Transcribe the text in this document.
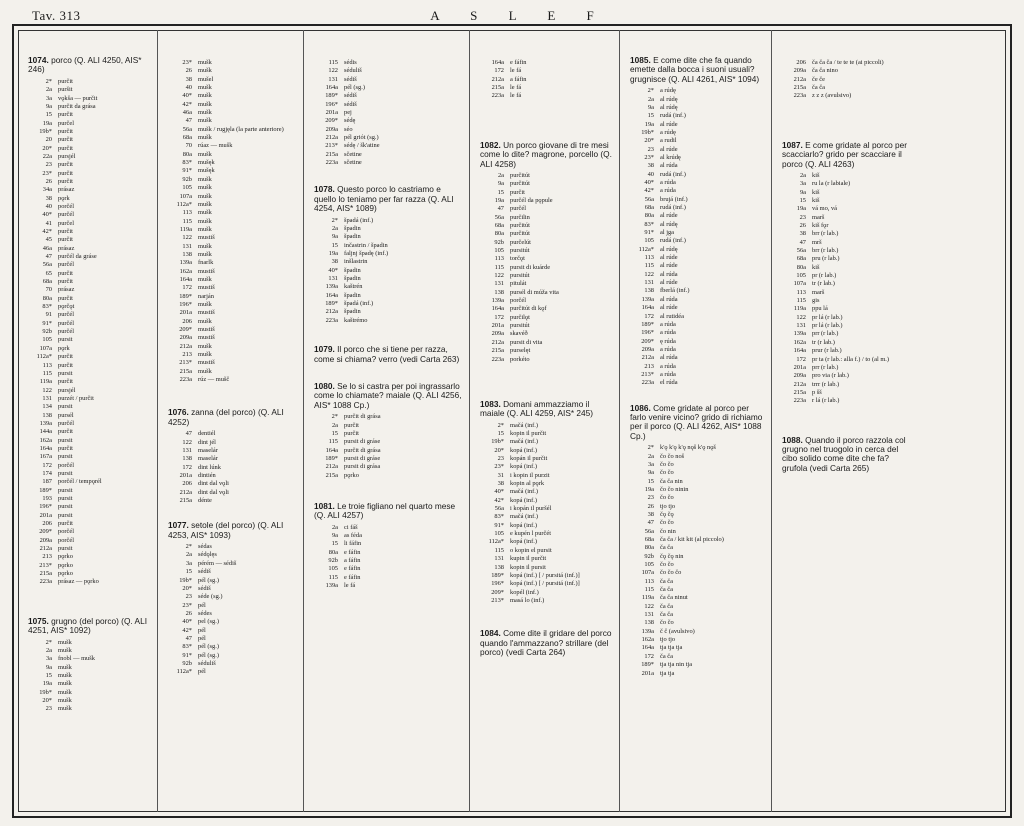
Tav. 313	A S L E F
1074. porco (Q. ALI 4250, AIS* 246)
2* purčit
2a puršit
3a vǫkša — purčit
9a purčit da grása
15 purčit
19a purčel
19b* purčit
20 purčit
20* purčit
22a pursjél
23 purčit
23* purčit
26 purčit
34a prásaz
38 pǫrk
40 porčél
40* purčél
41 purčel
42* purčit
45 purčit
46a prásaz
47 purčél da gráse
56a purčél
65 purčit
68a purčit
70 prásaz
80a purčit
83* pǫrčǫt
91 purčél
91* purčél
92b purčél
105 pursit
107a pǫrk
112a* purčit
113 purčit
115 pursit
119a purčit
122 pursjél
131 purzét / purčit
134 pursit
138 pursél
139a purčél
144a purčit
162a pursit
164a purčit
167a pursit
172 porčél
174 pursit
187 porčél / tempǫrél
189* pursit
193 pursit
196* pursit
201a pursit
206 purčit
209* porčél
209a porčél
212a pursit
213 pǫrko
213* pǫrko
215a pǫrko
223a prásaz — pǫrko
1075. grugno (del porco) (Q. ALI 4251, AIS* 1092)
2* mušk
2a mušk
3a fnobl — mušk
9a mušk
15 mušk
19a mušk
19b* mušk
20* mušk
23 mušk
23* mušk
26 mušk
38 mušel
40 mušk
40* mušk
42* mušk
46a mušk
47 mušk
56a mušk / rugjęla (la parte anteriore)
68a mušk
70 rúaz — mušk
80a mušk
83* mušęk
91* mušęk
92b mušk
105 mušk
107a mušk
112a* mušk
113 mušk
115 mušk
119a mušk
122 mustiš
131 mušk
138 mušk
139a fnarlk
162a mustiš
164a mušk
172 mustiš
189* narján
196* mušk
201a mustiš
206 mušk
209* mustiš
209a mustiš
212a mušk
213 mušk
213* mustiš
215a mušk
223a rúz — mušč
1076. zanna (del porco) (Q. ALI 4252)
47 dentiél
122 dint jél
131 maselár
138 maselár
172 dint lúnk
201a dintién
206 dint dal vǫli
212a dint dal vǫli
215a dénte
1077. setole (del porco) (Q. ALI 4253, AIS* 1093)
2* sédas
2a sédǫlęs
3a pérém — sédiš
15 sédiš
19b* pél (sg.)
20* sédiš
23 séde (sg.)
23* pél
26 sédes
40* pel (sg.)
42* pél
47 pél
83* pél (sg.)
91* pél (sg.)
92b séduliš
112a* pél
115 sédis
122 séduliš
131 sédiš
164a pél (sg.)
189* sédiš
196* sédiš
201a pej
209* sédę
209a séo
212a pél griót (sg.)
213* sédę / šk'atine
215a sčetine
223a sčetine
1078. Questo porco lo castriamo e quello lo teniamo per far razza (Q. ALI 4254, AIS* 1089)
2* špadá (inf.)
2a špadin
9a špadin
15 inčastrin / špadin
19a faljnj špadę (inf.)
38 inšlastrin
40* špadin
131 špadin
139a kaštrén
164a špadin
189* špadá (inf.)
212a špadin
223a kaštrémo
1079. Il porco che si tiene per razza, come si chiama? verro (vedi Carta 263)
1080. Se lo si castra per poi ingrassarlo come lo chiamate? maiale (Q. ALI 4256, AIS* 1088 Cp.)
2* purčit di grása
2a purčit
15 purčit
115 pursit di gráse
164a purčit di grása
189* pursit di gráse
212a pursit di grása
215a pǫrko
1081. Le troie figliano nel quarto mese (Q. ALI 4257)
2a ci fáš
9a as féda
15 li fáfin
80a e fáfin
92b a fáfin
105 e fáfin
115 e fáfin
139a le fá
164a e fáfin
172 le fá
212a a fáfin
215a le fá
223a le fá
1082. Un porco giovane di tre mesi come lo dite? magrone, porcello (Q. ALI 4258)
2a purčitút
9a purčitút
15 purčit
19a purčél da pǫpule
47 purčél
56a purčilin
68a purčitút
80a purčitút
92b purčelút
105 pursitút
113 torčǫt
115 pursit di kuárde
122 pursitút
131 pitulát
138 pursél di múža vita
139a porčél
164a purčitút di kǫf
172 purčilǫt
201a pursitút
209a skavéð
212a pursit di vita
215a purselęt
223a porkéto
1083. Domani ammazziamo il maiale (Q. ALI 4259, AIS* 245)
2* mačá (inf.)
15 kopin il purčit
19b* mačá (inf.)
20* kopá (inf.)
23 kopán il purčit
23* kopá (inf.)
31 i kopin il purzit
38 kopin al pǫrk
40* mačá (inf.)
42* kopá (inf.)
56a i kopán il puršél
83* mačá (inf.)
91* kopá (inf.)
105 e kupén l purčét
112a* kopá (inf.)
115 o kopin el pursit
131 kupin il purčit
138 kopin il pursit
189* kopá (inf.) [ / pursitá (inf.)]
196* kopá (inf.) [ / pursitá (inf.)]
209* kopél (inf.)
213* masá lo (inf.)
1084. Come dite il gridare del porco quando l'ammazzano? strillare (del porco) (vedi Carta 264)
1085. E come dite che fa quando emette dalla bocca i suoni usuali? grugnisce (Q. ALI 4261, AIS* 1094)
2* a rúdę
2a al rúdę
9a al rúdę
15 rudá (inf.)
19a al rúde
19b* a rúdę
20* a rudil
23 al rúde
23* al krúdę
38 al rúda
40 rudá (inf.)
40* a rúda
42* a rúda
56a brujá (inf.)
68a rudá (inf.)
80a al rúde
83* al rúdę
91* al jga
105 rudá (inf.)
112a* al rúdę
113 al rúde
115 al rúde
122 al rúda
131 al rúde
138 fberlá (inf.)
139a al rúda
164a al rúde
172 al rutidéa
189* a rúda
196* a rúda
209* ę rúda
209a a rúda
212a al rúda
213 a rúda
213* a rúda
223a el rúda
1086. Come gridate al porco per farlo venire vicino? grido di richiamo per il porco (Q. ALI 4262, AIS* 1088 Cp.)
2* k'ǫ k'ǫ k'ǫ nǫš k'ǫ nǫš
2a čo čo noš
3a čo čo
9a čo čo
15 ča ča nin
19a čo čo ninin
23 čo čo
26 tjo tjo
38 čǫ čǫ
47 čo čo
56a čo nin
68a ča ča / kit kit (al piccolo)
80a ča ča
92b čǫ čǫ nin
105 čo čo
107a čo čo čo
113 ča ča
115 ča ča
119a ča ča ninut
122 ča ča
131 ča ča
138 čo čo
139a č č (avulsivo)
162a tjo tjo
164a tja tja tja
172 ča ča
189* tja tja nin tja
201a tja tja
206 ča ča ča / te te te (ai piccoli)
209a ča ča nino
212a če če
215a ča ča
223a z z z (avulsivo)
1087. E come gridate al porco per scacciarlo? grido per scacciare il porco (Q. ALI 4263)
2a kiš
3a ru la (r labiale)
9a kiš
15 kiš
19a vá mo, vá
23 marš
26 kiš fǫr
38 brr (r lab.)
47 mrš
56a brr (r lab.)
68a pru (r lab.)
80a kiš
105 pr (r lab.)
107a tr (r lab.)
113 marš
115 gis
119a ppu lá
122 pr lá (r lab.)
131 pr lá (r lab.)
139a prr (r lab.)
162a tr (r lab.)
164a prur (r lab.)
172 pr ta (r lab.: alla f.) / to (al m.)
201a prr (r lab.)
209a pro via (r lab.)
212a trrr (r lab.)
215a p šš
223a r lá (r lab.)
1088. Quando il porco razzola col grugno nel truogolo in cerca del cibo solido come dite che fa? grufola (vedi Carta 265)
